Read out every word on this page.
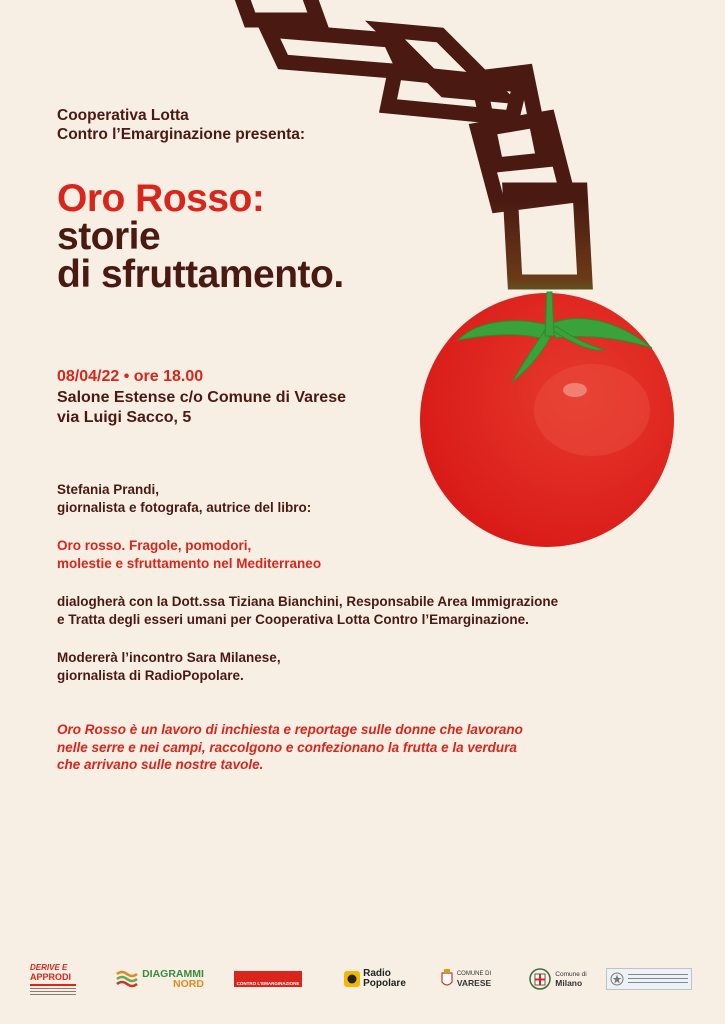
Cooperativa Lotta
Contro l’Emarginazione presenta:
Oro Rosso:
storie
di sfruttamento.
08/04/22 • ore 18.00
Salone Estense c/o Comune di Varese
via Luigi Sacco, 5
Stefania Prandi,
giornalista e fotografa, autrice del libro:
Oro rosso. Fragole, pomodori,
molestie e sfruttamento nel Mediterraneo
dialogherà con la Dott.ssa Tiziana Bianchini, Responsabile Area Immigrazione
e Tratta degli esseri umani per Cooperativa Lotta Contro l’Emarginazione.
Modererà l’incontro Sara Milanese,
giornalista di RadioPopolare.
Oro Rosso è un lavoro di inchiesta e reportage sulle donne che lavorano
nelle serre e nei campi, raccolgono e confezionano la frutta e la verdura
che arrivano sulle nostre tavole.
DERIVE E
APPRODI	DIAGRAMMI
NORD	CONTRO L'EMARGINAZIONE
Radio
Popolare
COMUNE DI
VARESE
Comune di
Milano
